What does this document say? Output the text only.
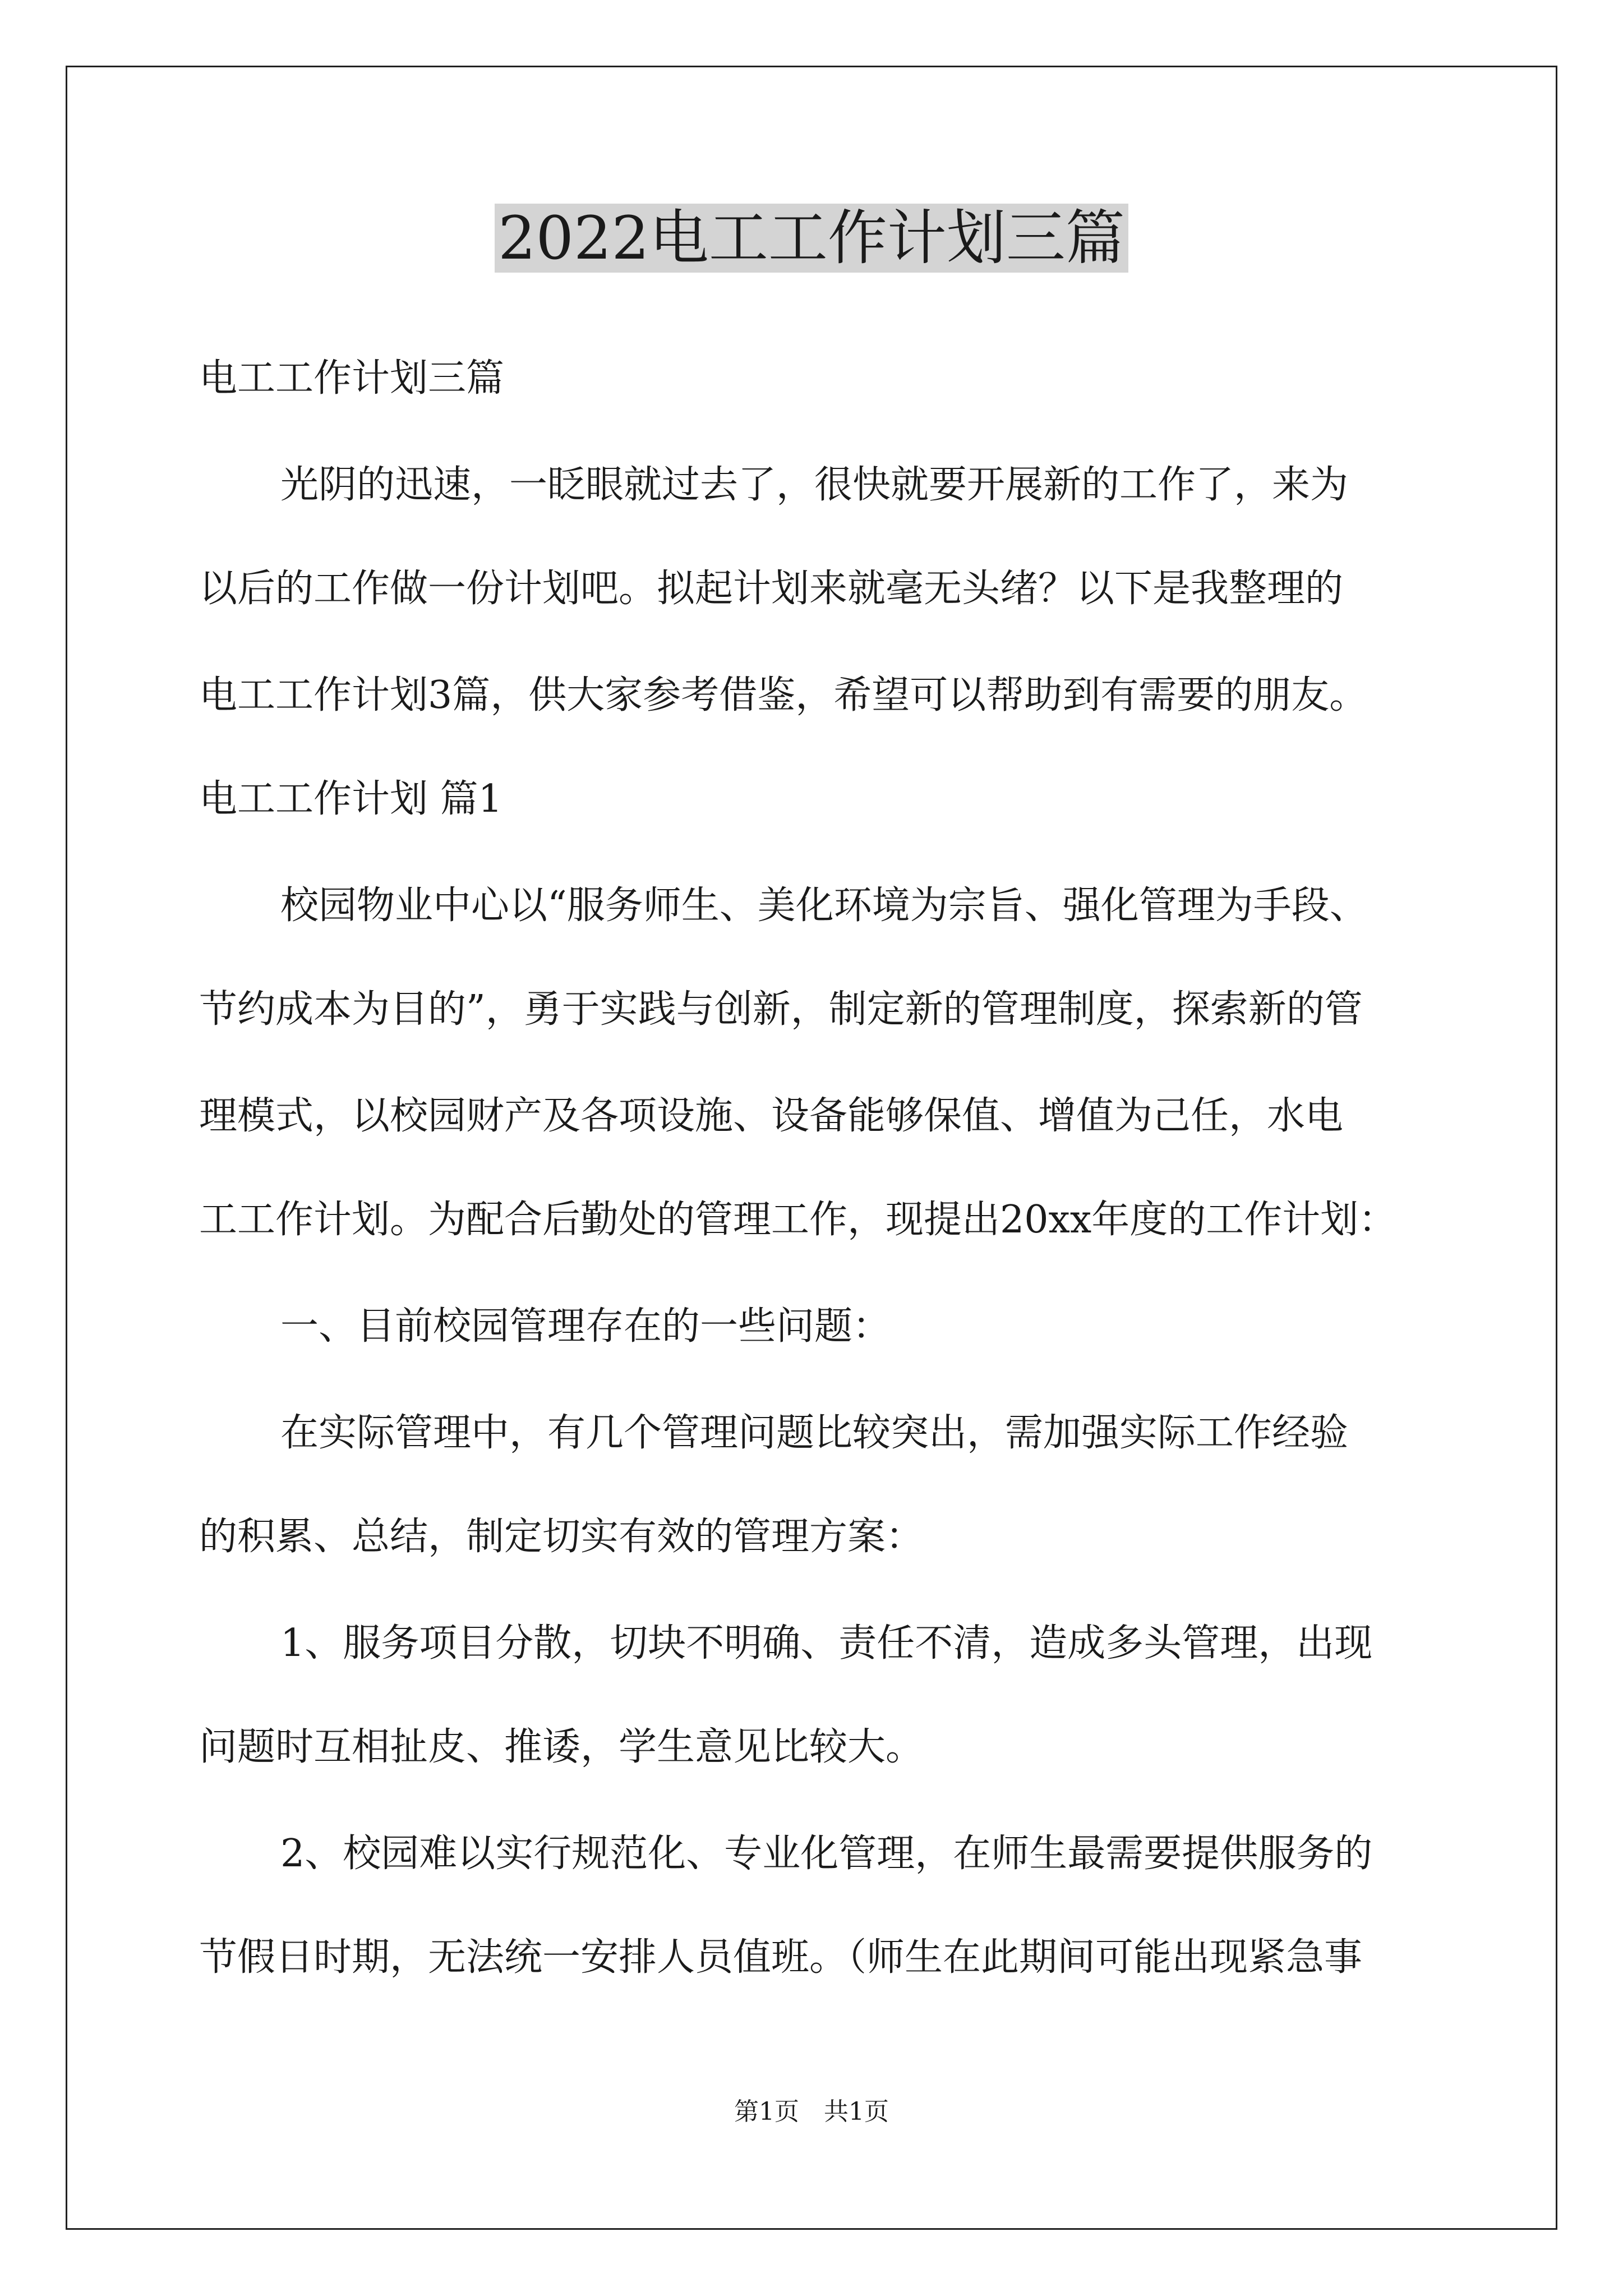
2022电工工作计划三篇

电工工作计划三篇

光阴的迅速，一眨眼就过去了，很快就要开展新的工作了，来为

以后的工作做一份计划吧。拟起计划来就毫无头绪？以下是我整理的

电工工作计划3篇，供大家参考借鉴，希望可以帮助到有需要的朋友。

电工工作计划 篇1

校园物业中心以“服务师生、美化环境为宗旨、强化管理为手段、

节约成本为目的”，勇于实践与创新，制定新的管理制度，探索新的管

理模式，以校园财产及各项设施、设备能够保值、增值为己任，水电

工工作计划。为配合后勤处的管理工作，现提出20xx年度的工作计划：

一、目前校园管理存在的一些问题：

在实际管理中，有几个管理问题比较突出，需加强实际工作经验

的积累、总结，制定切实有效的管理方案：

1、服务项目分散，切块不明确、责任不清，造成多头管理，出现

问题时互相扯皮、推诿，学生意见比较大。

2、校园难以实行规范化、专业化管理，在师生最需要提供服务的

节假日时期，无法统一安排人员值班。（师生在此期间可能出现紧急事

第1页 共1页
